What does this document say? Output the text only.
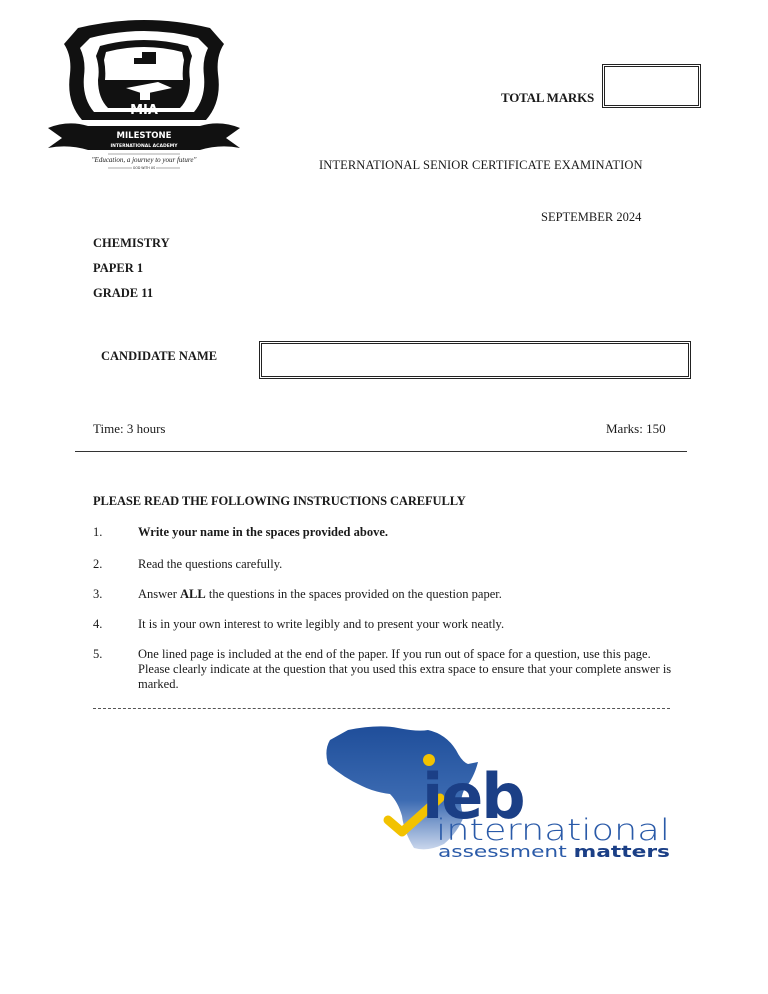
MIA
MILESTONE
INTERNATIONAL ACADEMY
"Education, a journey to your future"
GOD WITH US
TOTAL MARKS
INTERNATIONAL SENIOR CERTIFICATE EXAMINATION
SEPTEMBER 2024
CHEMISTRY
PAPER 1
GRADE 11
CANDIDATE NAME
Time: 3 hours	Marks: 150
PLEASE READ THE FOLLOWING INSTRUCTIONS CAREFULLY
1.	Write your name in the spaces provided above.
2.	Read the questions carefully.
3.	Answer ALL the questions in the spaces provided on the question paper.
4.	It is in your own interest to write legibly and to present your work neatly.
5.	One lined page is included at the end of the paper. If you run out of space for a question, use this page. Please clearly indicate at the question that you used this extra space to ensure that your complete answer is marked.
ieb
international
assessment matters
